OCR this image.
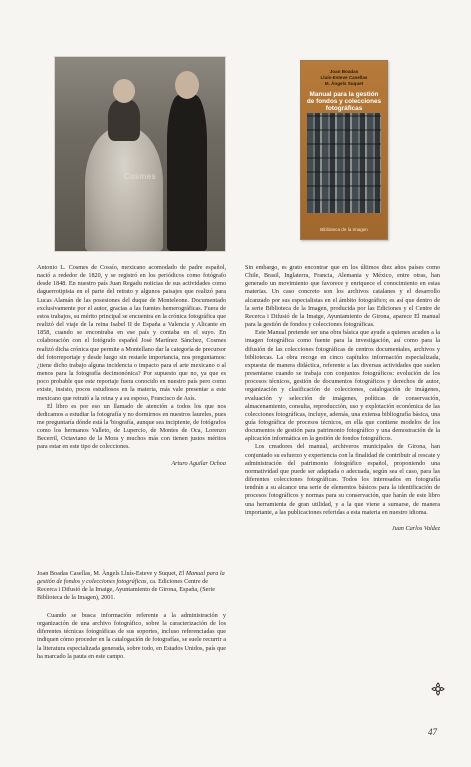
Cosmes
Joan Boadas
Lluís-Esteve Casellas
M. Àngels Suquet
Manual para la gestión de fondos y colecciones fotográficas
Biblioteca de la Imagen

Antonio L. Cosmes de Cossío, mexicano acomodado de padre español, nació a rededor de 1820, y se registró en los periódicos como fotógrafo desde 1848. En nuestro país Juan Regadu noticias de sus actividades como daguerrotipista en el parte del retrato y algunos paisajes que realizó para Lucas Alamán de las posesiones del duque de Monteleone. Documentado exclusivamente por el autor, gracias a las fuentes hemerográficas. Fuera de estos trabajos, su mérito principal se encuentra en la crónica fotográfica que realizó del viaje de la reina Isabel II de España a Valencia y Alicante en 1858, cuando se encontraba en ese país y contaba en el suyo. En colaboración con el fotógrafo español José Martínez Sánchez, Cosmes realizó dicha crónica que permite a Montellano dar la categoría de precursor del fotorreportaje y desde luego sin restarle importancia, nos preguntamos: ¿tiene dicho trabajo alguna incidencia o impacto para el arte mexicano o al menos para la fotografía decimonónica? Por supuesto que no, ya que es poco probable que este reportaje fuera conocido en nuestro país pero como existe, insisto, pocos estudiosos en la materia, más vale presentar a este mexicano que retrató a la reina y a su esposo, Francisco de Asís.

El libro es por eso un llamado de atención a todos los que nos dedicamos a estudiar la fotografía y no dormirnos en nuestros laureles, pues me preguntaría dónde está la 'biografía, aunque sea incipiente, de fotógrafos como los hermanos Valleto, de Lupercio, de Montes de Oca, Lorenzo Becerril, Octaviano de la Mora y muchos más con tienen justos méritos para estar en este tipo de colecciones.

Arturo Aguilar Ochoa

Joan Boadas Casellas, M. Àngels Lluís-Esteve y Suquet, El Manual para la gestión de fondos y colecciones fotográficas, ca. Ediciones Centre de Recerca i Difusió de la Imatge, Ayuntamiento de Girona, España, (Serie Biblioteca de la Imagen), 2001.

Cuando se busca información referente a la administración y organización de una archivo fotográfico, sobre la caracterización de los diferentes técnicas fotográficas de sus soportes, incluso referenciadas que indiquen cómo proceder en la catalogación de fotografías, se suele recurrir a la literatura especializada generada, sobre todo, en Estados Unidos, país que ha marcado la pauta en este campo.

Sin embargo, es grato encontrar que en los últimos diez años países como Chile, Brasil, Inglaterra, Francia, Alemania y México, entre otras, han generado un movimiento que favorece y enriquece el conocimiento en estas materias. Un caso concreto son los archivos catalanes y el desarrollo alcanzado por sus especialistas en el ámbito fotográfico; es así que dentro de la serie Biblioteca de la Imagen, producida por las Ediciones y el Centre de Recerca i Difusió de la Imatge, Ayuntamiento de Girona, aparece El manual para la gestión de fondos y colecciones fotográficas.

Este Manual pretende ser una obra básica que ayude a quienes acuden a la imagen fotográfica como fuente para la investigación, así como para la difusión de las colecciones fotográficas de centros documentales, archivos y bibliotecas. La obra recoge en cinco capítulos información especializada, expuesta de manera didáctica, referente a las diversas actividades que suelen presentarse cuando se trabaja con conjuntos fotográficos: evolución de los procesos técnicos, gestión de documentos fotográficos y derechos de autor, organización y clasificación de colecciones, catalogación de imágenes, evaluación y selección de imágenes, políticas de conservación, almacenamiento, consulta, reproducción, uso y explotación económica de las colecciones fotográficas, incluye, además, una extensa bibliografía básica, una guía fotográfica de procesos técnicos, en ella que contiene modelos de los documentos de gestión para patrimonio fotográfico y una demostración de la aplicación informática en la gestión de fondos fotográficos.

Los creadores del manual, archiveros municipales de Girona, han conjuntado su esfuerzo y experiencia con la finalidad de contribuir al rescate y administración del patrimonio fotográfico español, proponiendo una normatividad que puede ser adaptada o adecuada, según sea el caso, para las diferentes colecciones fotográficas. Todos los interesados en fotografía tendrán a su alcance una serie de elementos básicos para la identificación de procesos fotográficos y normas para su conservación, que harán de este libro una herramienta de gran utilidad, y a la que viene a sumarse, de manera importante, a las publicaciones referidas a esta materia en nuestro idioma.

Juan Carlos Valdez

47
